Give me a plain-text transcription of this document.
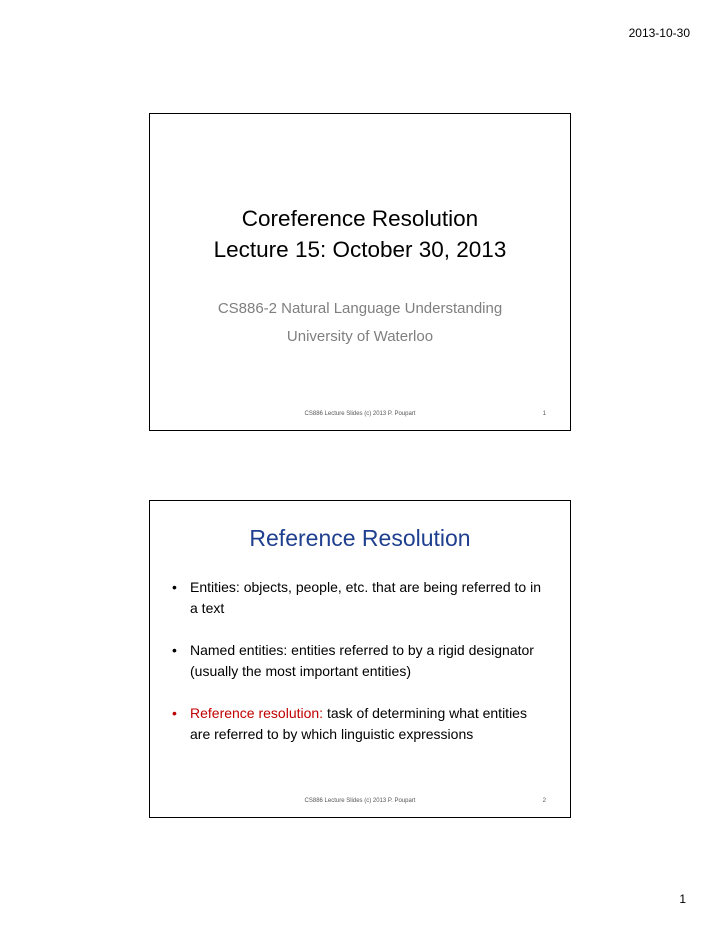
2013-10-30
Coreference Resolution
Lecture 15: October 30, 2013
CS886-2 Natural Language Understanding
University of Waterloo
CS886 Lecture Slides (c) 2013 P. Poupart	1
Reference Resolution
• Entities: objects, people, etc. that are being referred to in a text
• Named entities: entities referred to by a rigid designator (usually the most important entities)
• Reference resolution: task of determining what entities are referred to by which linguistic expressions
CS886 Lecture Slides (c) 2013 P. Poupart	2
1
